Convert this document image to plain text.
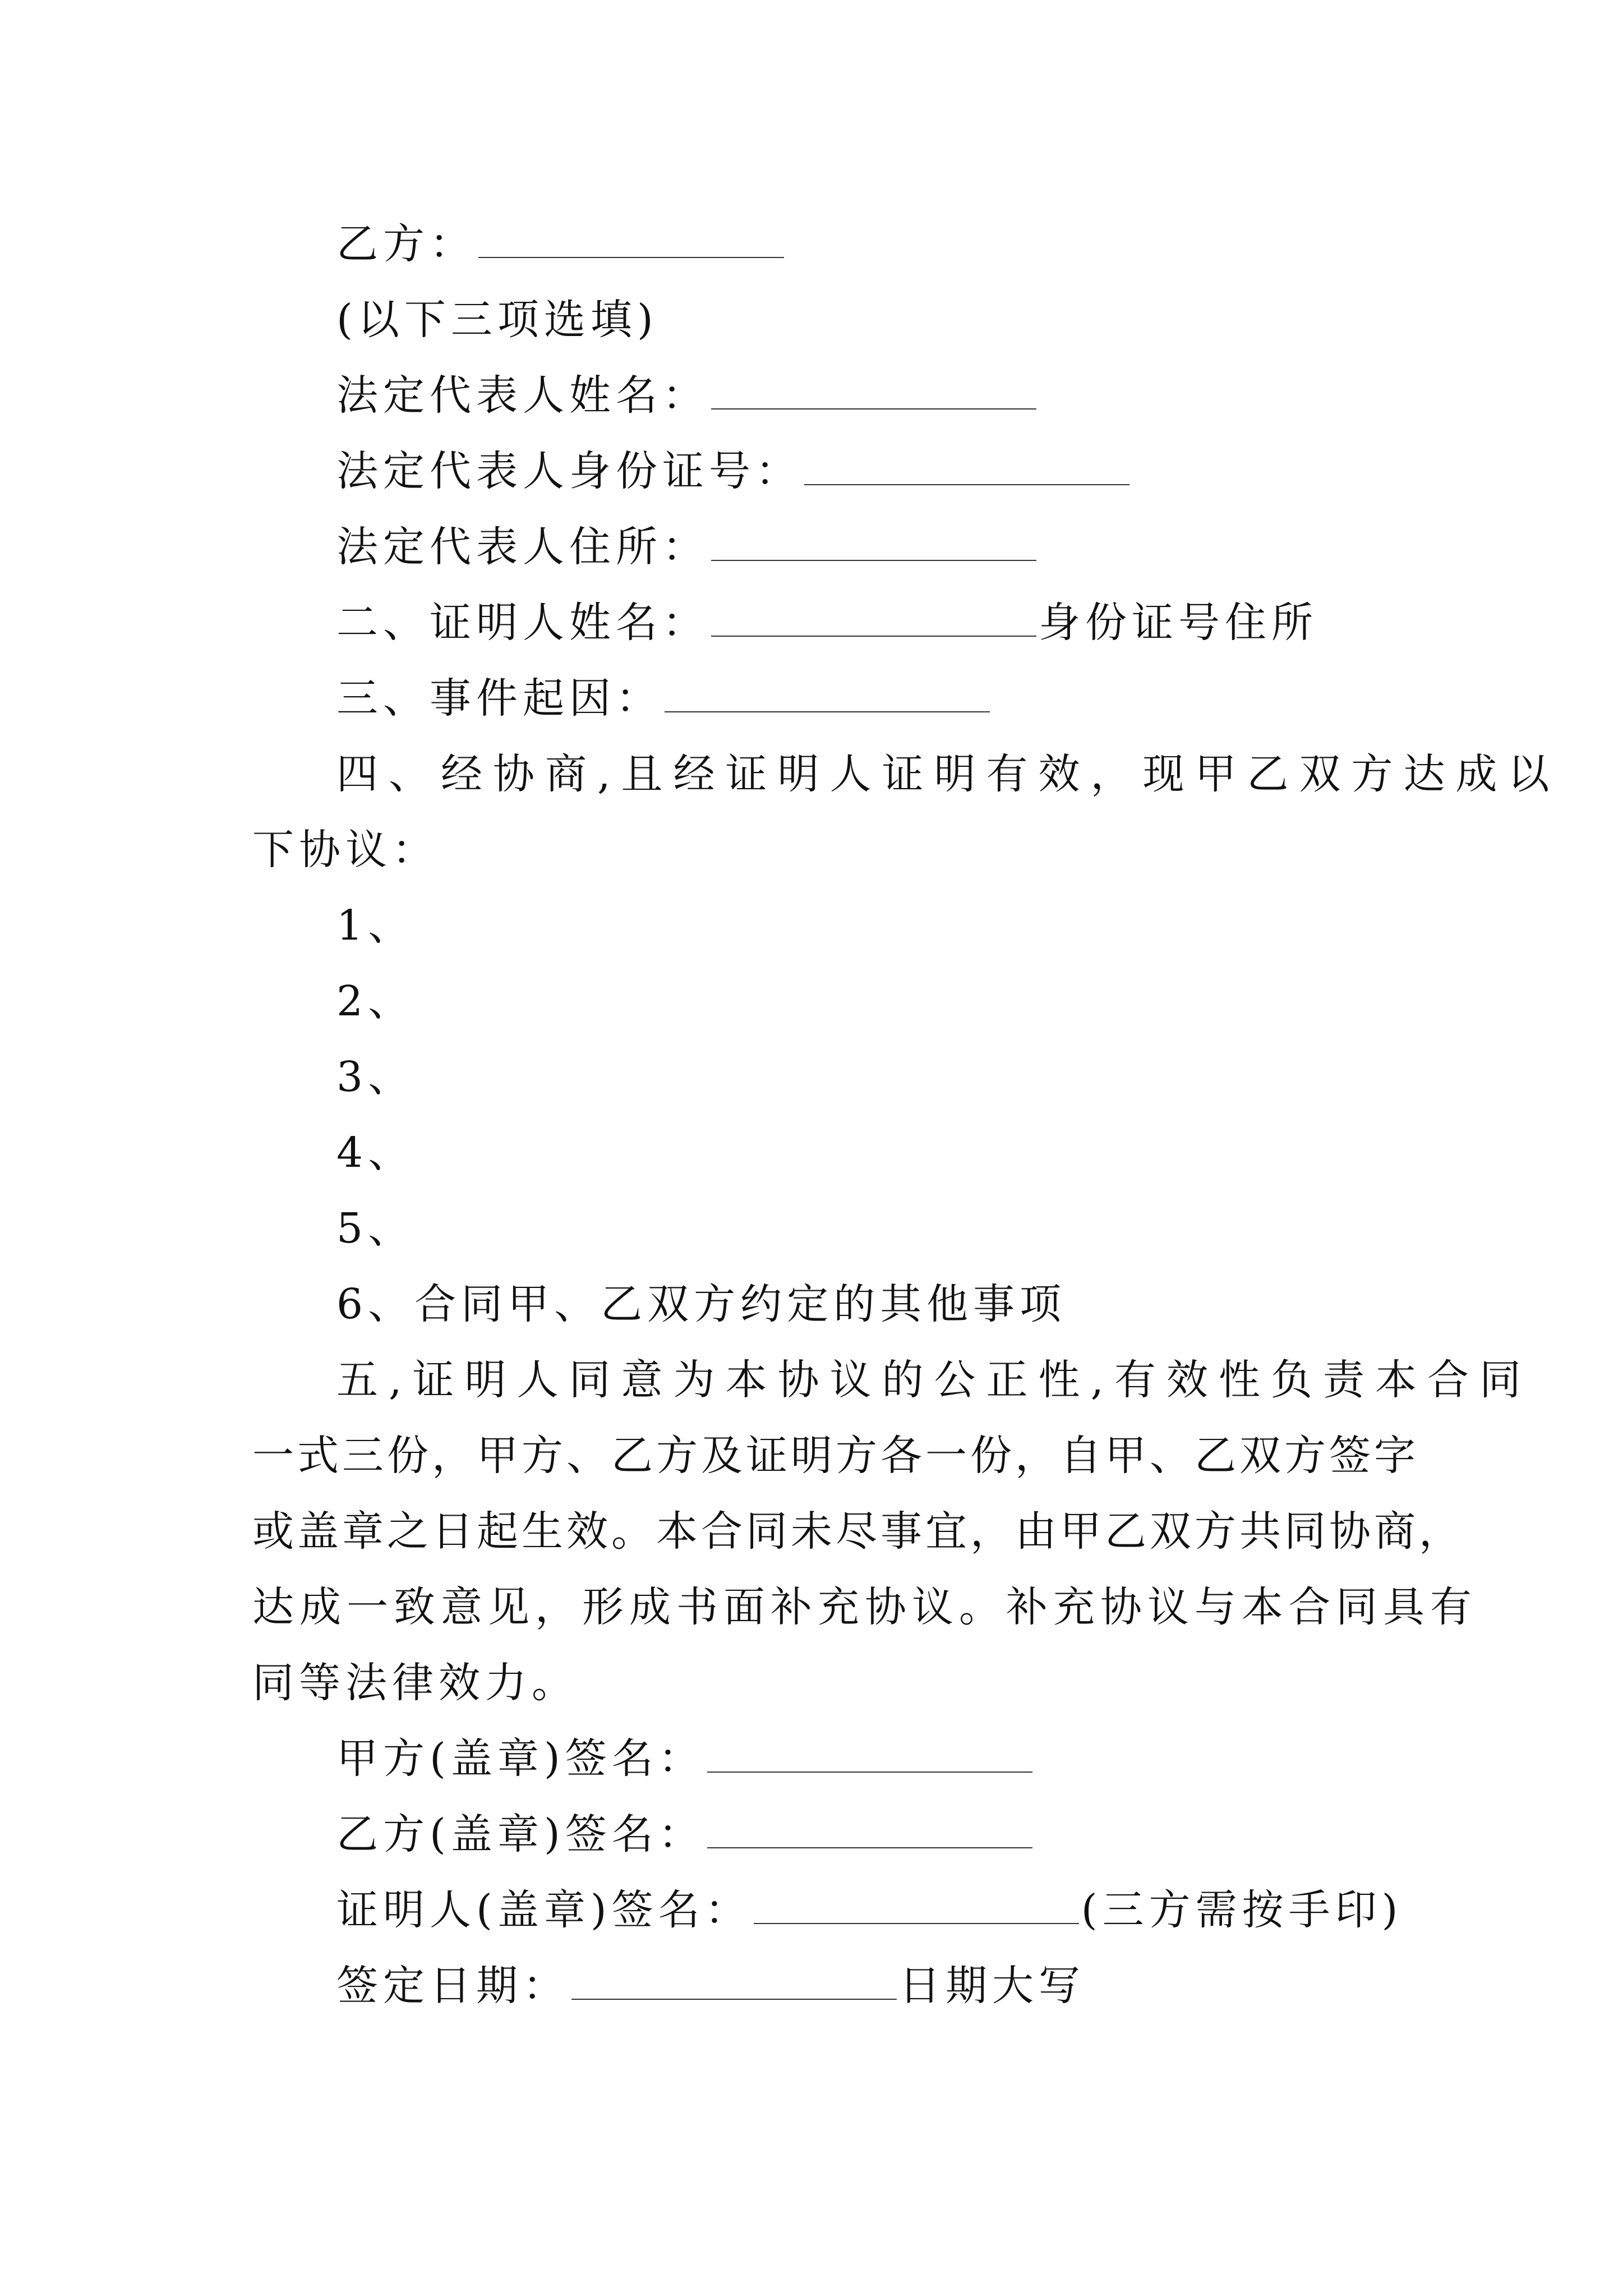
乙方：
(以下三项选填)
法定代表人姓名：
法定代表人身份证号：
法定代表人住所：
二、证明人姓名：	身份证号住所
三、事件起因：
四、经协商,且经证明人证明有效，现甲乙双方达成以
下协议：
1、
2、
3、
4、
5、
6、合同甲、乙双方约定的其他事项
五,证明人同意为本协议的公正性,有效性负责本合同
一式三份，甲方、乙方及证明方各一份，自甲、乙双方签字
或盖章之日起生效。本合同未尽事宜，由甲乙双方共同协商，
达成一致意见，形成书面补充协议。补充协议与本合同具有
同等法律效力。
甲方(盖章)签名：
乙方(盖章)签名：
证明人(盖章)签名：	(三方需按手印)
签定日期：	日期大写
